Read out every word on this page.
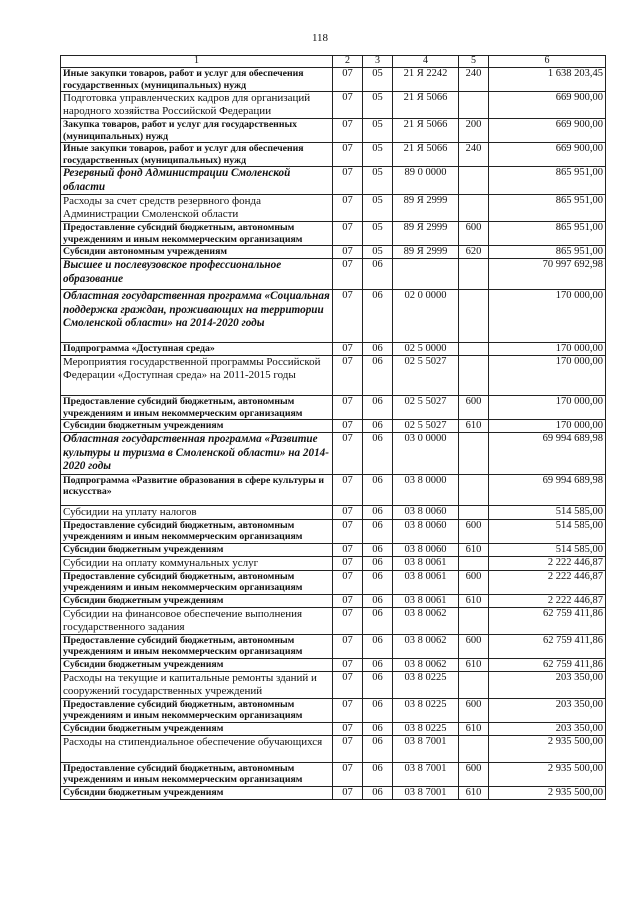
118
1	2	3	4	5	6
Иные закупки товаров, работ и услуг для обеспечения государственных (муниципальных) нужд	07	05	21 Я 2242	240	1 638 203,45
Подготовка управленческих кадров для организаций народного хозяйства Российской Федерации	07	05	21 Я 5066		669 900,00
Закупка товаров, работ и услуг для государственных (муниципальных) нужд	07	05	21 Я 5066	200	669 900,00
Иные закупки товаров, работ и услуг для обеспечения государственных (муниципальных) нужд	07	05	21 Я 5066	240	669 900,00
Резервный фонд Администрации Смоленской области	07	05	89 0 0000		865 951,00
Расходы за счет средств резервного фонда Администрации Смоленской области	07	05	89 Я 2999		865 951,00
Предоставление субсидий бюджетным, автономным учреждениям и иным некоммерческим организациям	07	05	89 Я 2999	600	865 951,00
Субсидии автономным учреждениям	07	05	89 Я 2999	620	865 951,00
Высшее и послевузовское профессиональное образование	07	06			70 997 692,98
Областная государственная программа «Социальная поддержка граждан, проживающих на территории Смоленской области» на 2014-2020 годы	07	06	02 0 0000		170 000,00
Подпрограмма «Доступная среда»	07	06	02 5 0000		170 000,00
Мероприятия государственной программы Российской Федерации «Доступная среда» на 2011-2015 годы	07	06	02 5 5027		170 000,00
Предоставление субсидий бюджетным, автономным учреждениям и иным некоммерческим организациям	07	06	02 5 5027	600	170 000,00
Субсидии бюджетным учреждениям	07	06	02 5 5027	610	170 000,00
Областная государственная программа «Развитие культуры и туризма в Смоленской области» на 2014-2020 годы	07	06	03 0 0000		69 994 689,98
Подпрограмма «Развитие образования в сфере культуры и искусства»	07	06	03 8 0000		69 994 689,98
Субсидии на уплату налогов	07	06	03 8 0060		514 585,00
Предоставление субсидий бюджетным, автономным учреждениям и иным некоммерческим организациям	07	06	03 8 0060	600	514 585,00
Субсидии бюджетным учреждениям	07	06	03 8 0060	610	514 585,00
Субсидии на оплату коммунальных услуг	07	06	03 8 0061		2 222 446,87
Предоставление субсидий бюджетным, автономным учреждениям и иным некоммерческим организациям	07	06	03 8 0061	600	2 222 446,87
Субсидии бюджетным учреждениям	07	06	03 8 0061	610	2 222 446,87
Субсидии на финансовое обеспечение выполнения государственного задания	07	06	03 8 0062		62 759 411,86
Предоставление субсидий бюджетным, автономным учреждениям и иным некоммерческим организациям	07	06	03 8 0062	600	62 759 411,86
Субсидии бюджетным учреждениям	07	06	03 8 0062	610	62 759 411,86
Расходы на текущие и капитальные ремонты зданий и сооружений государственных учреждений	07	06	03 8 0225		203 350,00
Предоставление субсидий бюджетным, автономным учреждениям и иным некоммерческим организациям	07	06	03 8 0225	600	203 350,00
Субсидии бюджетным учреждениям	07	06	03 8 0225	610	203 350,00
Расходы на стипендиальное обеспечение обучающихся	07	06	03 8 7001		2 935 500,00
Предоставление субсидий бюджетным, автономным учреждениям и иным некоммерческим организациям	07	06	03 8 7001	600	2 935 500,00
Субсидии бюджетным учреждениям	07	06	03 8 7001	610	2 935 500,00
